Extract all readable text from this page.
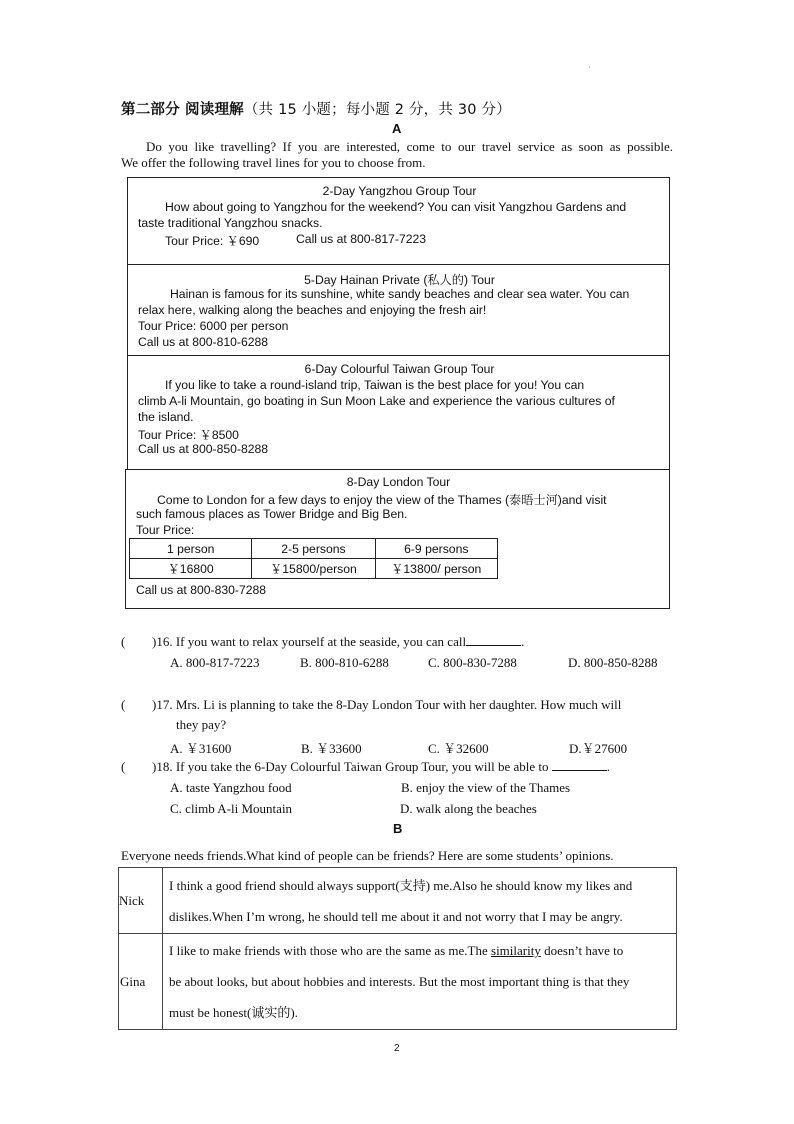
·
第二部分 阅读理解（共 15 小题；每小题 2 分，共 30 分）
A
Do you like travelling? If you are interested, come to our travel service as soon as possible.
We offer the following travel lines for you to choose from.
2-Day Yangzhou Group Tour
How about going to Yangzhou for the weekend? You can visit Yangzhou Gardens and
taste traditional Yangzhou snacks.
Tour Price: ￥690	Call us at 800-817-7223
5-Day Hainan Private (私人的) Tour
Hainan is famous for its sunshine, white sandy beaches and clear sea water. You can
relax here, walking along the beaches and enjoying the fresh air!
Tour Price: 6000 per person
Call us at 800-810-6288
6-Day Colourful Taiwan Group Tour
If you like to take a round-island trip, Taiwan is the best place for you! You can
climb A-li Mountain, go boating in Sun Moon Lake and experience the various cultures of
the island.
Tour Price: ￥8500
Call us at 800-850-8288
8-Day London Tour
Come to London for a few days to enjoy the view of the Thames (泰晤士河)and visit
such famous places as Tower Bridge and Big Ben.
Tour Price:
1 person	2-5 persons	6-9 persons
￥16800	￥15800/person	￥13800/ person
Call us at 800-830-7288
( )16. If you want to relax yourself at the seaside, you can call	.
A. 800-817-7223	B. 800-810-6288	C. 800-830-7288	D. 800-850-8288
( )17. Mrs. Li is planning to take the 8-Day London Tour with her daughter. How much will
they pay?
A. ￥31600	B. ￥33600	C. ￥32600	D.￥27600
( )18. If you take the 6-Day Colourful Taiwan Group Tour, you will be able to	.
A. taste Yangzhou food	B. enjoy the view of the Thames
C. climb A-li Mountain	D. walk along the beaches
B
Everyone needs friends.What kind of people can be friends? Here are some students’ opinions.
Nick	I think a good friend should always support(支持) me.Also he should know my likes and
dislikes.When I’m wrong, he should tell me about it and not worry that I may be angry.

Gina	I like to make friends with those who are the same as me.The similarity doesn’t have to
be about looks, but about hobbies and interests. But the most important thing is that they
must be honest(诚实的).
2
